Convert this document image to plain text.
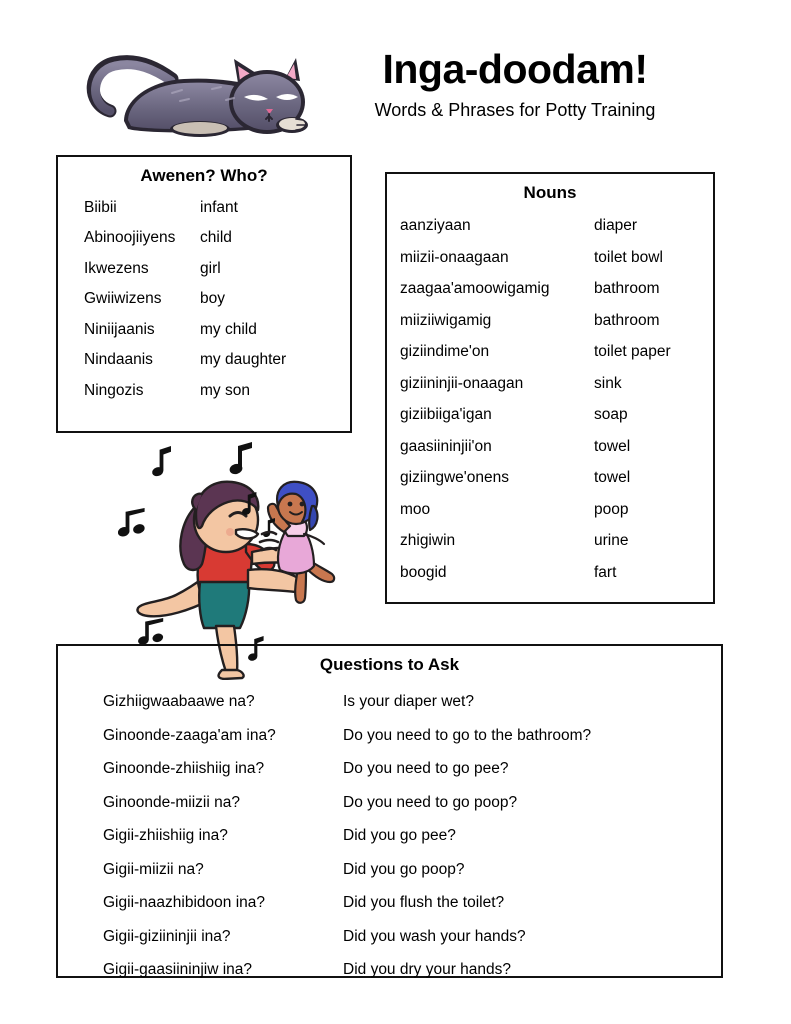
Inga-doodam!
Words & Phrases for Potty Training
Awenen? Who?
Biibii	infant
Abinoojiiyens	child
Ikwezens	girl
Gwiiwizens	boy
Niniijaanis	my child
Nindaanis	my daughter
Ningozis	my son
Nouns
aanziyaan	diaper
miizii-onaagaan	toilet bowl
zaagaa'amoowigamig	bathroom
miiziiwigamig	bathroom
giziindime'on	toilet paper
giziininjii-onaagan	sink
giziibiiga'igan	soap
gaasiininjii'on	towel
giziingwe'onens	towel
moo	poop
zhigiwin	urine
boogid	fart
Questions to Ask
Gizhiigwaabaawe na?	Is your diaper wet?
Ginoonde-zaaga'am ina?	Do you need to go to the bathroom?
Ginoonde-zhiishiig ina?	Do you need to go pee?
Ginoonde-miizii na?	Do you need to go poop?
Gigii-zhiishiig ina?	Did you go pee?
Gigii-miizii na?	Did you go poop?
Gigii-naazhibidoon ina?	Did you flush the toilet?
Gigii-giziininjii ina?	Did you wash your hands?
Gigii-gaasiininjiw ina?	Did you dry your hands?
